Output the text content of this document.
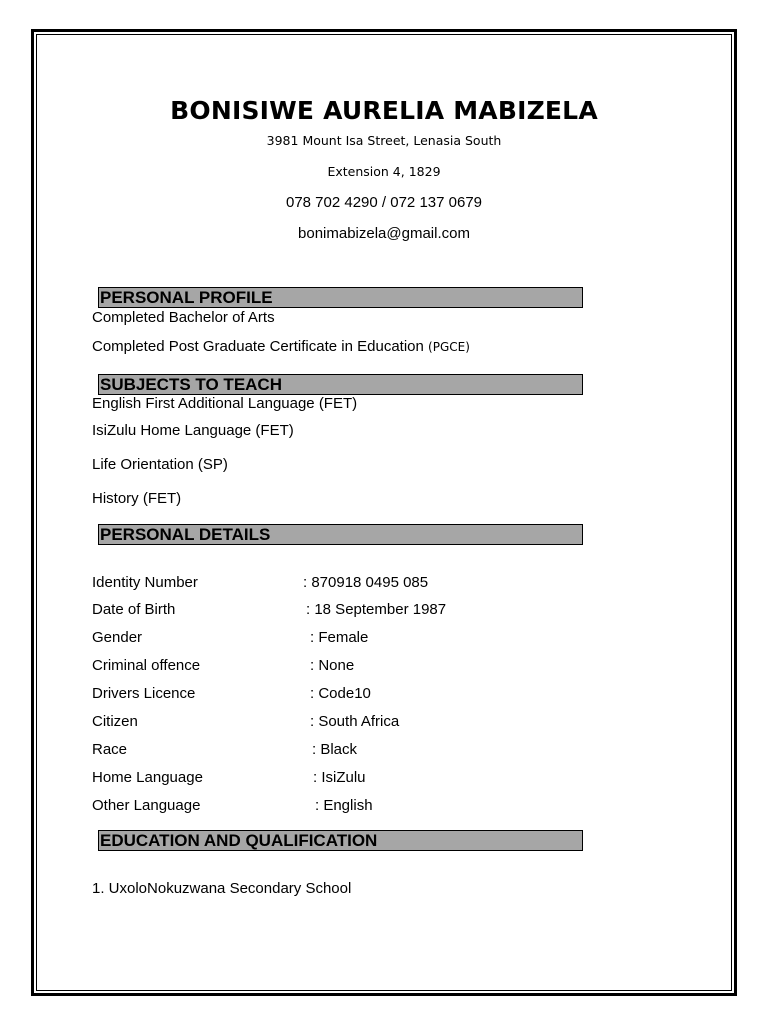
BONISIWE AURELIA MABIZELA
3981 Mount Isa Street, Lenasia South
Extension 4, 1829
078 702 4290 / 072 137 0679
bonimabizela@gmail.com
PERSONAL PROFILE
Completed Bachelor of Arts
Completed Post Graduate Certificate in Education (PGCE)
SUBJECTS TO TEACH
English First Additional Language (FET)
IsiZulu Home Language (FET)
Life Orientation (SP)
History (FET)
PERSONAL DETAILS
Identity Number	: 870918 0495 085
Date of Birth	: 18 September 1987
Gender	: Female
Criminal offence	: None
Drivers Licence	: Code10
Citizen	: South Africa
Race	: Black
Home Language	: IsiZulu
Other Language	: English
EDUCATION AND QUALIFICATION
1. UxoloNokuzwana Secondary School
